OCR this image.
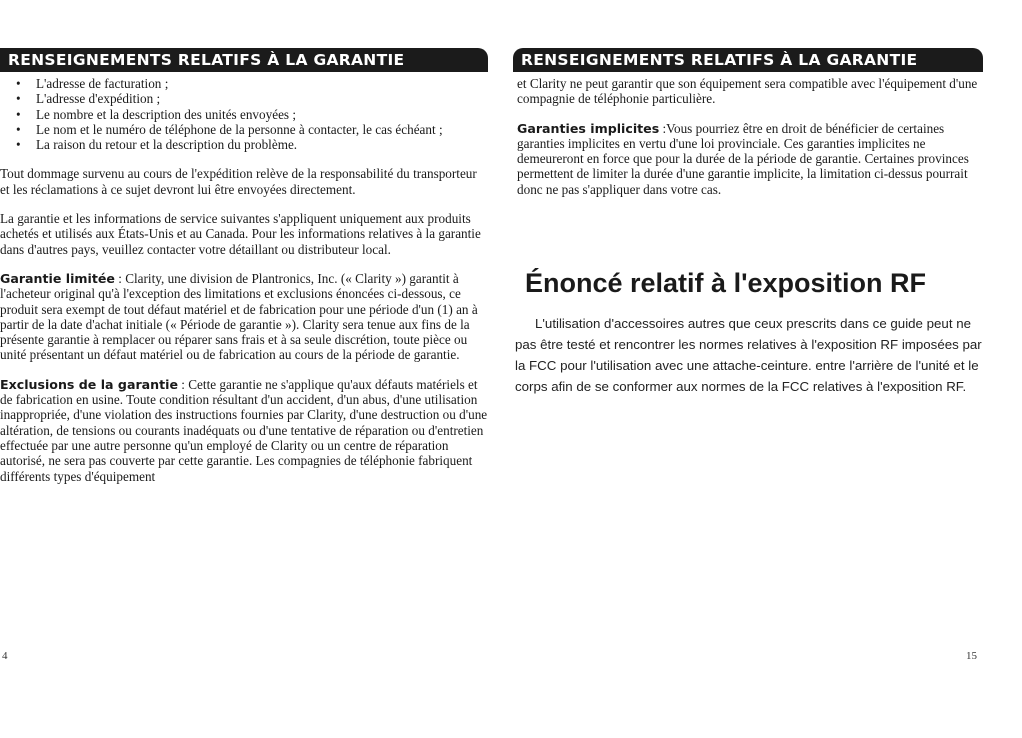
RENSEIGNEMENTS RELATIFS À LA GARANTIE
• L'adresse de facturation ;
• L'adresse d'expédition ;
• Le nombre et la description des unités envoyées ;
• Le nom et le numéro de téléphone de la personne à contacter, le cas échéant ;
• La raison du retour et la description du problème.

Tout dommage survenu au cours de l'expédition relève de la responsabilité du transporteur et les réclamations à ce sujet devront lui être envoyées directement.

La garantie et les informations de service suivantes s'appliquent uniquement aux produits achetés et utilisés aux États-Unis et au Canada. Pour les informations relatives à la garantie dans d'autres pays, veuillez contacter votre détaillant ou distributeur local.

Garantie limitée : Clarity, une division de Plantronics, Inc. (« Clarity ») garantit à l'acheteur original qu'à l'exception des limitations et exclusions énoncées ci-dessous, ce produit sera exempt de tout défaut matériel et de fabrication pour une période d'un (1) an à partir de la date d'achat initiale (« Période de garantie »). Clarity sera tenue aux fins de la présente garantie à remplacer ou réparer sans frais et à sa seule discrétion, toute pièce ou unité présentant un défaut matériel ou de fabrication au cours de la période de garantie.

Exclusions de la garantie : Cette garantie ne s'applique qu'aux défauts matériels et de fabrication en usine. Toute condition résultant d'un accident, d'un abus, d'une utilisation inappropriée, d'une violation des instructions fournies par Clarity, d'une destruction ou d'une altération, de tensions ou courants inadéquats ou d'une tentative de réparation ou d'entretien effectuée par une autre personne qu'un employé de Clarity ou un centre de réparation autorisé, ne sera pas couverte par cette garantie. Les compagnies de téléphonie fabriquent différents types d'équipement

4
RENSEIGNEMENTS RELATIFS À LA GARANTIE

et Clarity ne peut garantir que son équipement sera compatible avec l'équipement d'une compagnie de téléphonie particulière.

Garanties implicites :Vous pourriez être en droit de bénéficier de certaines garanties implicites en vertu d'une loi provinciale. Ces garanties implicites ne demeureront en force que pour la durée de la période de garantie. Certaines provinces permettent de limiter la durée d'une garantie implicite, la limitation ci-dessus pourrait donc ne pas s'appliquer dans votre cas.

Énoncé relatif à l'exposition RF

L'utilisation d'accessoires autres que ceux prescrits dans ce guide peut ne pas être testé et rencontrer les normes relatives à l'exposition RF imposées par la FCC pour l'utilisation avec une attache-ceinture. entre l'arrière de l'unité et le corps afin de se conformer aux normes de la FCC relatives à l'exposition RF.

15
